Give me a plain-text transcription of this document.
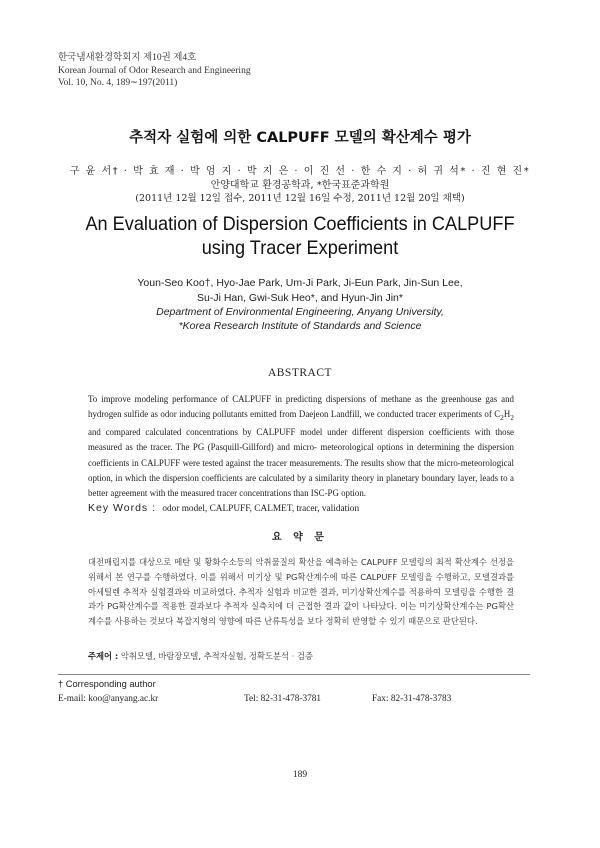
한국냄새환경학회지 제10권 제4호
Korean Journal of Odor Research and Engineering
Vol. 10, No. 4, 189∼197(2011)
추적자 실험에 의한 CALPUFF 모델의 확산계수 평가
구 윤 서† · 박 효 재 · 박 엄 지 · 박 지 은 · 이 진 선 · 한 수 지 · 허 귀 석* · 진 현 진*
안양대학교 환경공학과, *한국표준과학원
(2011년 12월 12일 접수, 2011년 12월 16일 수정, 2011년 12월 20일 채택)
An Evaluation of Dispersion Coefficients in CALPUFF
using Tracer Experiment
Youn-Seo Koo†, Hyo-Jae Park, Um-Ji Park, Ji-Eun Park, Jin-Sun Lee,
Su-Ji Han, Gwi-Suk Heo*, and Hyun-Jin Jin*
Department of Environmental Engineering, Anyang University,
*Korea Research Institute of Standards and Science
ABSTRACT
To improve modeling performance of CALPUFF in predicting dispersions of methane as the greenhouse gas and hydrogen sulfide as odor inducing pollutants emitted from Daejeon Landfill, we conducted tracer experiments of $C_2H_2$ and compared calculated concentrations by CALPUFF model under different dispersion coefficients with those measured as the tracer. The PG (Pasquill-Gillford) and micro- meteorological options in determining the dispersion coefficients in CALPUFF were tested against the tracer measurements. The results show that the micro-meteorological option, in which the dispersion coefficients are calculated by a similarity theory in planetary boundary layer, leads to a better agreement with the measured tracer concentrations than ISC-PG option.
Key Words : odor model, CALPUFF, CALMET, tracer, validation
요 약 문
대전매립지를 대상으로 메탄 및 황화수소등의 악취물질의 확산을 예측하는 CALPUFF 모델링의 최적 확산계수 선정을 위해서 본 연구를 수행하였다. 이를 위해서 미기상 및 PG확산계수에 따른 CALPUFF 모델링을 수행하고, 모델결과를 아세틸렌 추적자 실험결과와 비교하였다. 추적자 실험과 비교한 결과, 미기상확산계수를 적용하여 모델링을 수행한 결과가 PG확산계수를 적용한 결과보다 추적자 실측치에 더 근접한 결과 값이 나타났다. 이는 미기상확산계수는 PG확산계수를 사용하는 것보다 복잡지형의 영향에 따른 난류특성을 보다 정확히 반영할 수 있기 때문으로 판단된다.
주제어 : 악취모델, 바람장모델, 추적자실험, 정확도분석 · 검증
† Corresponding author
E-mail: koo@anyang.ac.kr	Tel: 82-31-478-3781	Fax: 82-31-478-3783
189
